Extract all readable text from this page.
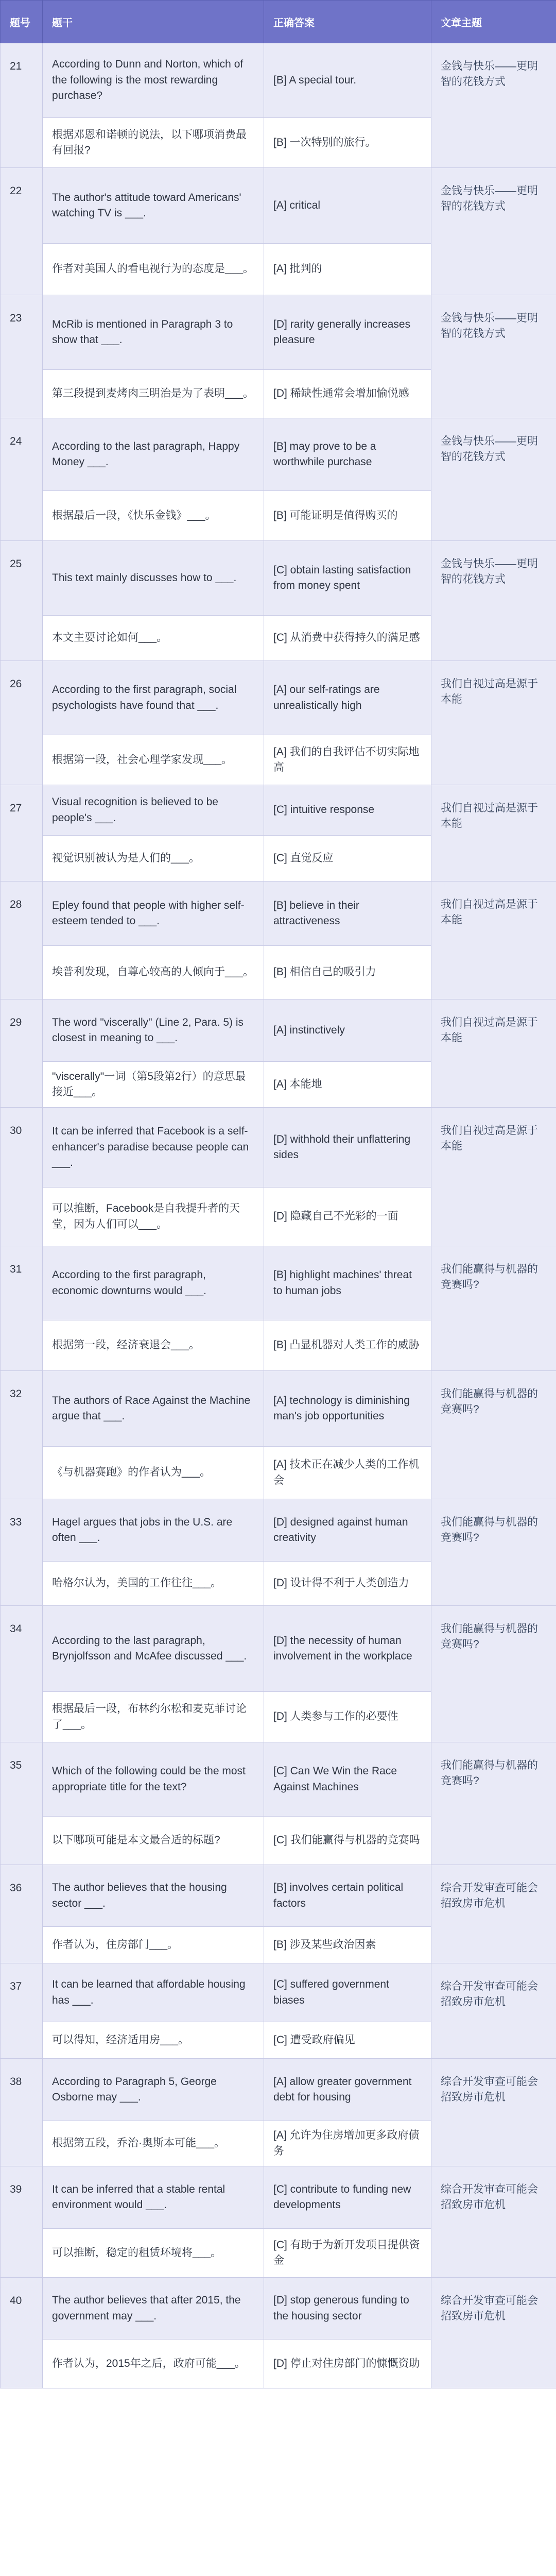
题号	题干	正确答案	文章主题
21	According to Dunn and Norton, which of the following is the most rewarding purchase?	[B] A special tour.	金钱与快乐——更明智的花钱方式
	根据邓恩和诺顿的说法，以下哪项消费最有回报?	[B] 一次特别的旅行。	
22	The author's attitude toward Americans' watching TV is ___.	[A] critical	金钱与快乐——更明智的花钱方式
	作者对美国人的看电视行为的态度是___。	[A] 批判的	
23	McRib is mentioned in Paragraph 3 to show that ___.	[D] rarity generally increases pleasure	金钱与快乐——更明智的花钱方式
	第三段提到麦烤肉三明治是为了表明___。	[D] 稀缺性通常会增加愉悦感	
24	According to the last paragraph, Happy Money ___.	[B] may prove to be a worthwhile purchase	金钱与快乐——更明智的花钱方式
	根据最后一段，《快乐金钱》___。	[B] 可能证明是值得购买的	
25	This text mainly discusses how to ___.	[C] obtain lasting satisfaction from money spent	金钱与快乐——更明智的花钱方式
	本文主要讨论如何___。	[C] 从消费中获得持久的满足感	
26	According to the first paragraph, social psychologists have found that ___.	[A] our self-ratings are unrealistically high	我们自视过高是源于本能
	根据第一段，社会心理学家发现___。	[A] 我们的自我评估不切实际地高	
27	Visual recognition is believed to be people's ___.	[C] intuitive response	我们自视过高是源于本能
	视觉识别被认为是人们的___。	[C] 直觉反应	
28	Epley found that people with higher self-esteem tended to ___.	[B] believe in their attractiveness	我们自视过高是源于本能
	埃普利发现，自尊心较高的人倾向于___。	[B] 相信自己的吸引力	
29	The word "viscerally" (Line 2, Para. 5) is closest in meaning to ___.	[A] instinctively	我们自视过高是源于本能
	"viscerally"一词（第5段第2行）的意思最接近___。	[A] 本能地	
30	It can be inferred that Facebook is a self-enhancer's paradise because people can ___.	[D] withhold their unflattering sides	我们自视过高是源于本能
	可以推断，Facebook是自我提升者的天堂，因为人们可以___。	[D] 隐藏自己不光彩的一面	
31	According to the first paragraph, economic downturns would ___.	[B] highlight machines' threat to human jobs	我们能赢得与机器的竞赛吗?
	根据第一段，经济衰退会___。	[B] 凸显机器对人类工作的威胁	
32	The authors of Race Against the Machine argue that ___.	[A] technology is diminishing man's job opportunities	我们能赢得与机器的竞赛吗?
	《与机器赛跑》的作者认为___。	[A] 技术正在减少人类的工作机会	
33	Hagel argues that jobs in the U.S. are often ___.	[D] designed against human creativity	我们能赢得与机器的竞赛吗?
	哈格尔认为，美国的工作往往___。	[D] 设计得不利于人类创造力	
34	According to the last paragraph, Brynjolfsson and McAfee discussed ___.	[D] the necessity of human involvement in the workplace	我们能赢得与机器的竞赛吗?
	根据最后一段，布林约尔松和麦克菲讨论了___。	[D] 人类参与工作的必要性	
35	Which of the following could be the most appropriate title for the text?	[C] Can We Win the Race Against Machines	我们能赢得与机器的竞赛吗?
	以下哪项可能是本文最合适的标题?	[C] 我们能赢得与机器的竞赛吗	
36	The author believes that the housing sector ___.	[B] involves certain political factors	综合开发审查可能会招致房市危机
	作者认为，住房部门___。	[B] 涉及某些政治因素	
37	It can be learned that affordable housing has ___.	[C] suffered government biases	综合开发审查可能会招致房市危机
	可以得知，经济适用房___。	[C] 遭受政府偏见	
38	According to Paragraph 5, George Osborne may ___.	[A] allow greater government debt for housing	综合开发审查可能会招致房市危机
	根据第五段，乔治·奥斯本可能___。	[A] 允许为住房增加更多政府债务	
39	It can be inferred that a stable rental environment would ___.	[C] contribute to funding new developments	综合开发审查可能会招致房市危机
	可以推断，稳定的租赁环境将___。	[C] 有助于为新开发项目提供资金	
40	The author believes that after 2015, the government may ___.	[D] stop generous funding to the housing sector	综合开发审查可能会招致房市危机
	作者认为，2015年之后，政府可能___。	[D] 停止对住房部门的慷慨资助	
